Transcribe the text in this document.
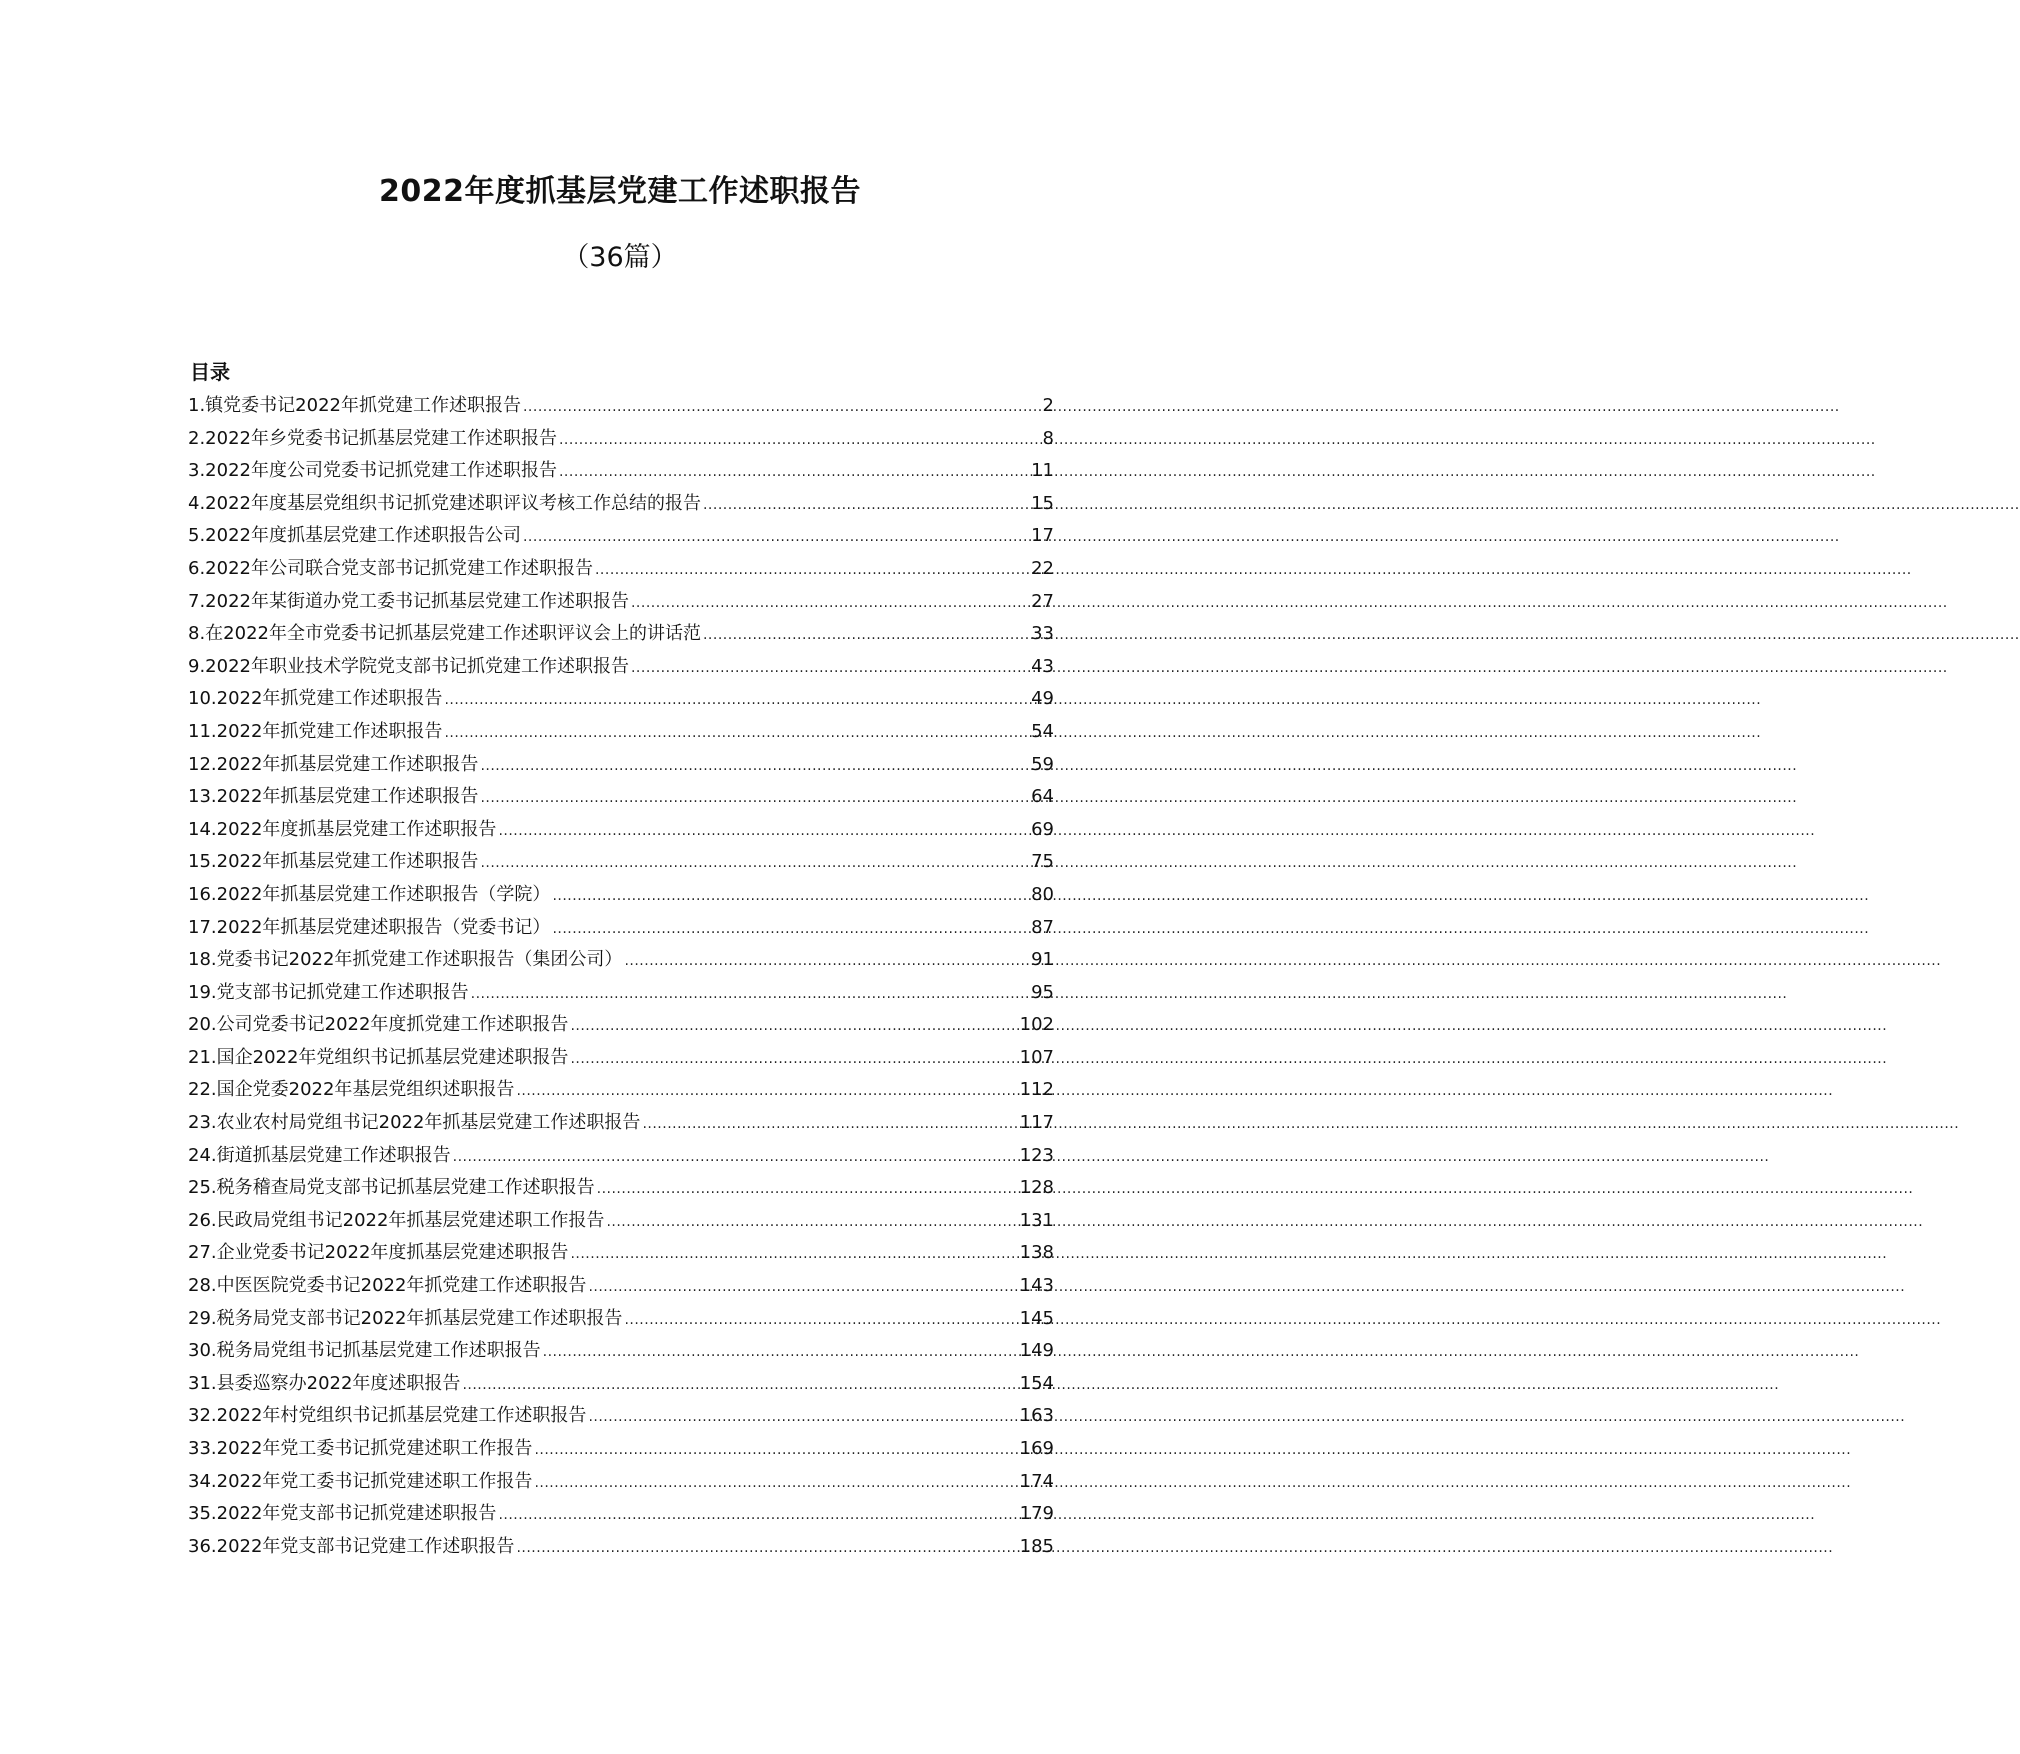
2022年度抓基层党建工作述职报告
（36篇）
目录
1.镇党委书记2022年抓党建工作述职报告 .....	2
2.2022年乡党委书记抓基层党建工作述职报告 .....	8
3.2022年度公司党委书记抓党建工作述职报告 .....	11
4.2022年度基层党组织书记抓党建述职评议考核工作总结的报告 .....	15
5.2022年度抓基层党建工作述职报告公司 .....	17
6.2022年公司联合党支部书记抓党建工作述职报告 .....	22
7.2022年某街道办党工委书记抓基层党建工作述职报告 .....	27
8.在2022年全市党委书记抓基层党建工作述职评议会上的讲话范 .....	33
9.2022年职业技术学院党支部书记抓党建工作述职报告 .....	43
10.2022年抓党建工作述职报告 .....	49
11.2022年抓党建工作述职报告 .....	54
12.2022年抓基层党建工作述职报告 .....	59
13.2022年抓基层党建工作述职报告 .....	64
14.2022年度抓基层党建工作述职报告 .....	69
15.2022年抓基层党建工作述职报告 .....	75
16.2022年抓基层党建工作述职报告（学院） .....	80
17.2022年抓基层党建述职报告（党委书记） .....	87
18.党委书记2022年抓党建工作述职报告（集团公司） .....	91
19.党支部书记抓党建工作述职报告 .....	95
20.公司党委书记2022年度抓党建工作述职报告 .....	102
21.国企2022年党组织书记抓基层党建述职报告 .....	107
22.国企党委2022年基层党组织述职报告 .....	112
23.农业农村局党组书记2022年抓基层党建工作述职报告 .....	117
24.街道抓基层党建工作述职报告 .....	123
25.税务稽查局党支部书记抓基层党建工作述职报告 .....	128
26.民政局党组书记2022年抓基层党建述职工作报告 .....	131
27.企业党委书记2022年度抓基层党建述职报告 .....	138
28.中医医院党委书记2022年抓党建工作述职报告 .....	143
29.税务局党支部书记2022年抓基层党建工作述职报告 .....	145
30.税务局党组书记抓基层党建工作述职报告 .....	149
31.县委巡察办2022年度述职报告 .....	154
32.2022年村党组织书记抓基层党建工作述职报告 .....	163
33.2022年党工委书记抓党建述职工作报告 .....	169
34.2022年党工委书记抓党建述职工作报告 .....	174
35.2022年党支部书记抓党建述职报告 .....	179
36.2022年党支部书记党建工作述职报告 .....	185
